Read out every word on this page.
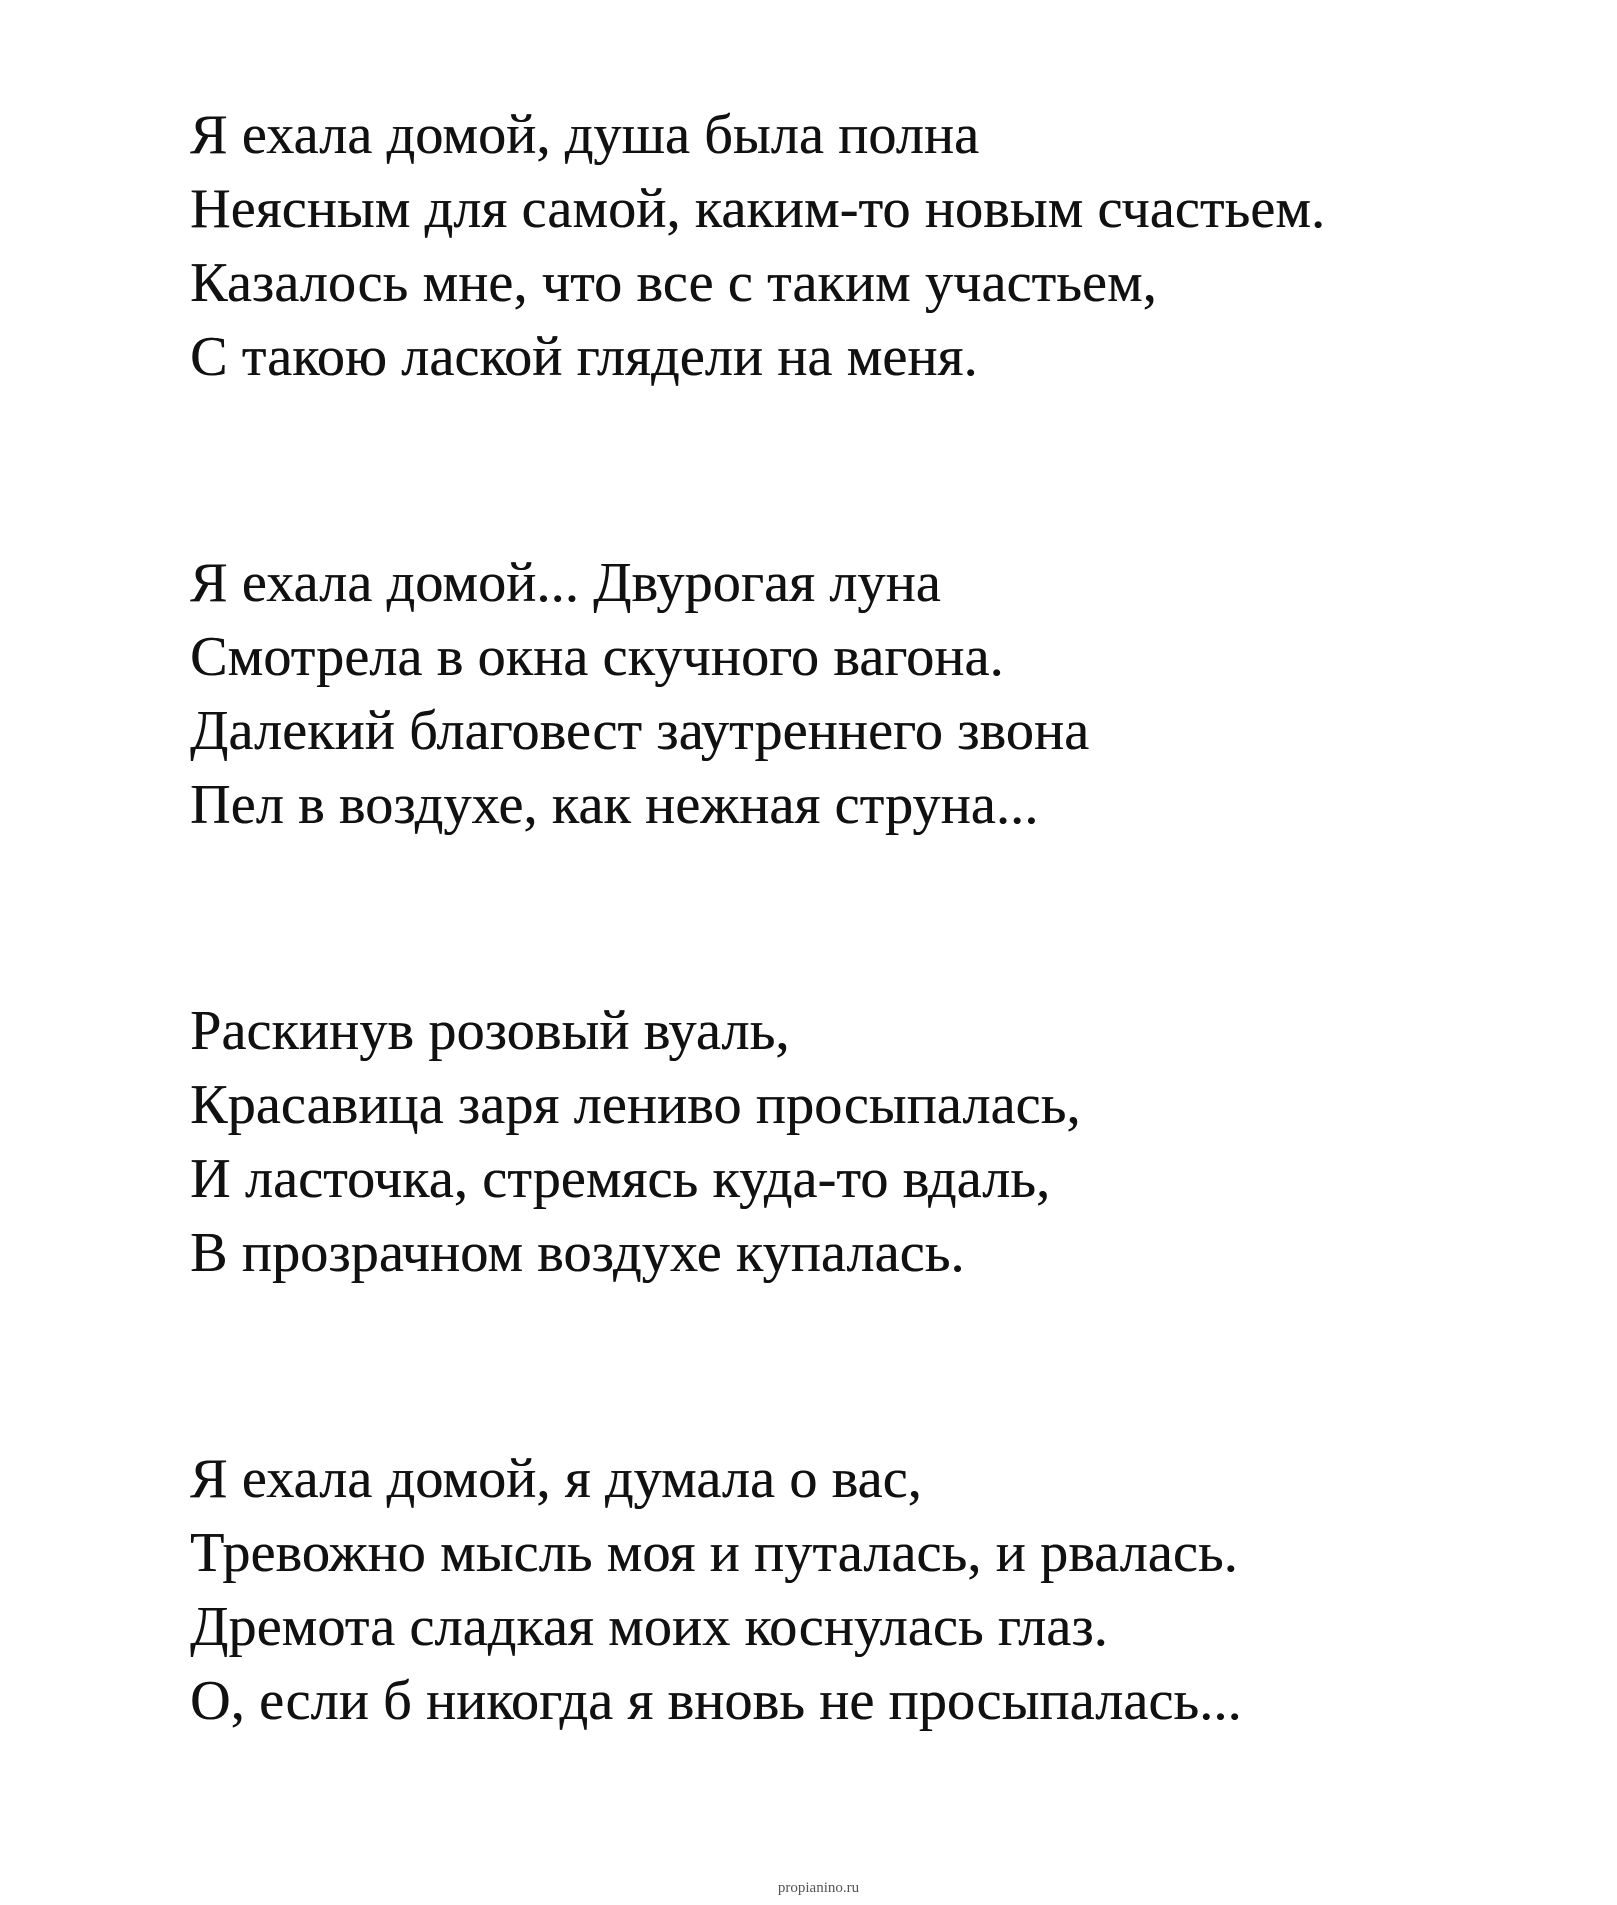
Я ехала домой, душа была полна
Неясным для самой, каким-то новым счастьем.
Казалось мне, что все с таким участьем,
С такою лаской глядели на меня.
Я ехала домой... Двурогая луна
Смотрела в окна скучного вагона.
Далекий благовест заутреннего звона
Пел в воздухе, как нежная струна...
Раскинув розовый вуаль,
Красавица заря лениво просыпалась,
И ласточка, стремясь куда-то вдаль,
В прозрачном воздухе купалась.
Я ехала домой, я думала о вас,
Тревожно мысль моя и путалась, и рвалась.
Дремота сладкая моих коснулась глаз.
О, если б никогда я вновь не просыпалась...
propianino.ru
